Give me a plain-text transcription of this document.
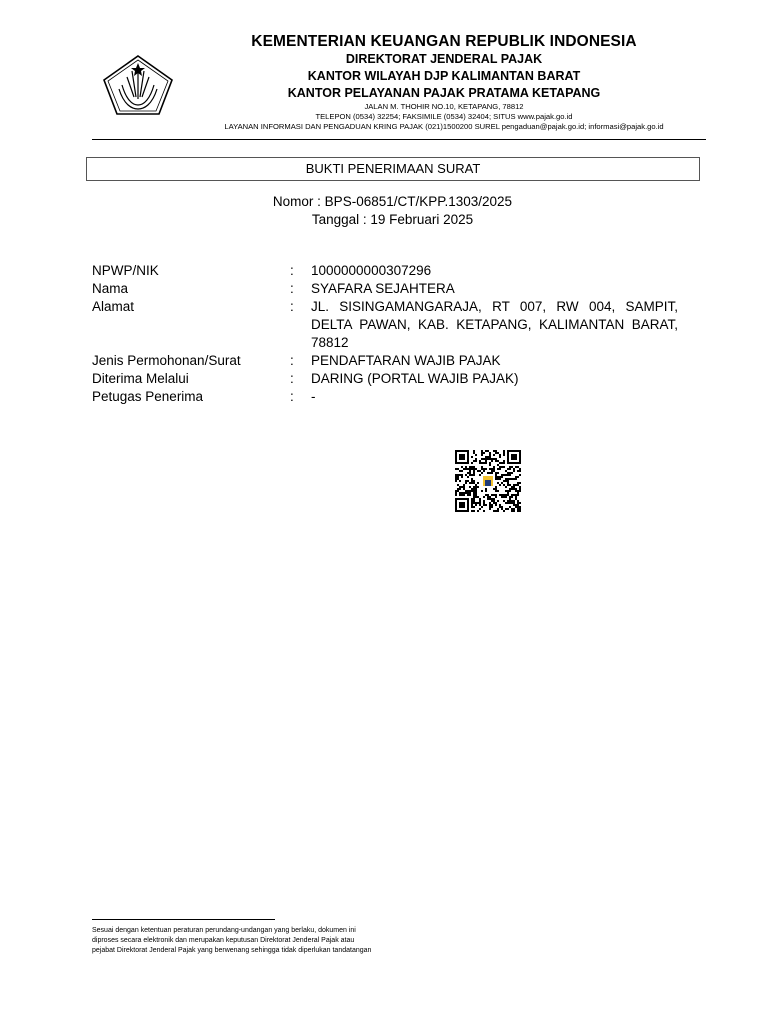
KEMENTERIAN KEUANGAN REPUBLIK INDONESIA
DIREKTORAT JENDERAL PAJAK
KANTOR WILAYAH DJP KALIMANTAN BARAT
KANTOR PELAYANAN PAJAK PRATAMA KETAPANG
JALAN M. THOHIR NO.10, KETAPANG, 78812
TELEPON (0534) 32254; FAKSIMILE (0534) 32404; SITUS www.pajak.go.id
LAYANAN INFORMASI DAN PENGADUAN KRING PAJAK (021)1500200 SUREL pengaduan@pajak.go.id; informasi@pajak.go.id
BUKTI PENERIMAAN SURAT
Nomor : BPS-06851/CT/KPP.1303/2025
Tanggal : 19 Februari 2025
NPWP/NIK	:	1000000000307296
Nama	:	SYAFARA SEJAHTERA
Alamat	:	JL. SISINGAMANGARAJA, RT 007, RW 004, SAMPIT, DELTA PAWAN, KAB. KETAPANG, KALIMANTAN BARAT, 78812
Jenis Permohonan/Surat	:	PENDAFTARAN WAJIB PAJAK
Diterima Melalui	:	DARING (PORTAL WAJIB PAJAK)
Petugas Penerima	:	-
Sesuai dengan ketentuan peraturan perundang-undangan yang berlaku, dokumen ini
diproses secara elektronik dan merupakan keputusan Direktorat Jenderal Pajak atau
pejabat Direktorat Jenderal Pajak yang berwenang sehingga tidak diperlukan tandatangan
